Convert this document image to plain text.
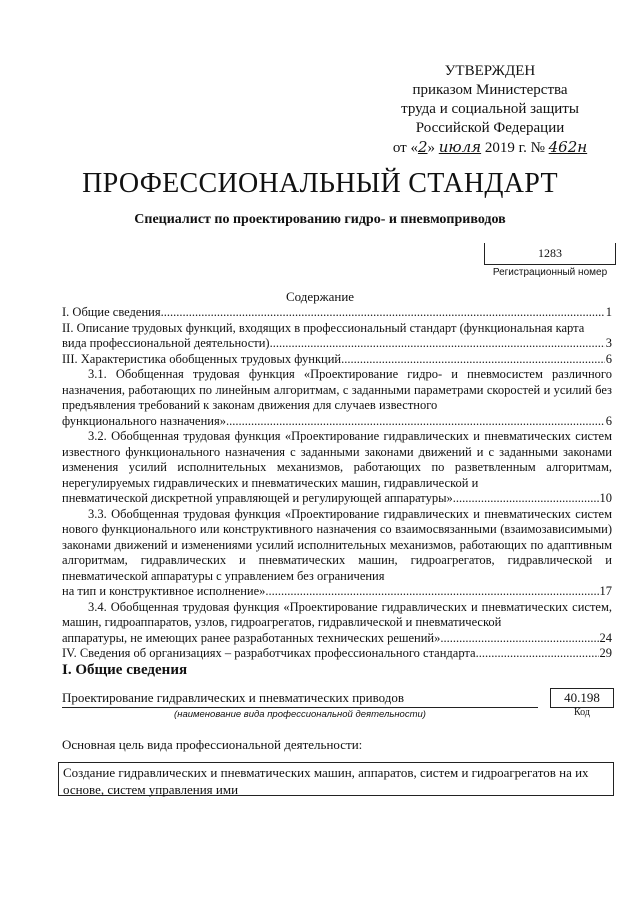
УТВЕРЖДЕН
приказом Министерства
труда и социальной защиты
Российской Федерации
от «2» июля 2019 г. № 462н
ПРОФЕССИОНАЛЬНЫЙ СТАНДАРТ
Специалист по проектированию гидро- и пневмоприводов
1283
Регистрационный номер
Содержание
I. Общие сведения .....	1

II. Описание трудовых функций, входящих в профессиональный стандарт (функциональная карта

вида профессиональной деятельности) .....	3
III. Характеристика обобщенных трудовых функций .....	6

3.1. Обобщенная трудовая функция «Проектирование гидро- и пневмосистем различного назначения, работающих по линейным алгоритмам, с заданными параметрами скоростей и усилий без предъявления требований к законам движения для случаев известного

функционального назначения» .....	6

3.2. Обобщенная трудовая функция «Проектирование гидравлических и пневматических систем известного функционального назначения с заданными законами движений и с заданными законами изменения усилий исполнительных механизмов, работающих по разветвленным алгоритмам, нерегулируемых гидравлических и пневматических машин, гидравлической и

пневматической дискретной управляющей и регулирующей аппаратуры» .....	10

3.3. Обобщенная трудовая функция «Проектирование гидравлических и пневматических систем нового функционального или конструктивного назначения со взаимосвязанными (взаимозависимыми) законами движений и изменениями усилий исполнительных механизмов, работающих по адаптивным алгоритмам, гидравлических и пневматических машин, гидроагрегатов, гидравлической и пневматической аппаратуры с управлением без ограничения

на тип и конструктивное исполнение» .....	17

3.4. Обобщенная трудовая функция «Проектирование гидравлических и пневматических систем, машин, гидроаппаратов, узлов, гидроагрегатов, гидравлической и пневматической

аппаратуры, не имеющих ранее разработанных технических решений» .....	24
IV. Сведения об организациях – разработчиках профессионального стандарта .....	29
I. Общие сведения
Проектирование гидравлических и пневматических приводов	40.198
(наименование вида профессиональной деятельности)	Код
Основная цель вида профессиональной деятельности:
Создание гидравлических и пневматических машин, аппаратов, систем и гидроагрегатов на их основе, систем управления ими
